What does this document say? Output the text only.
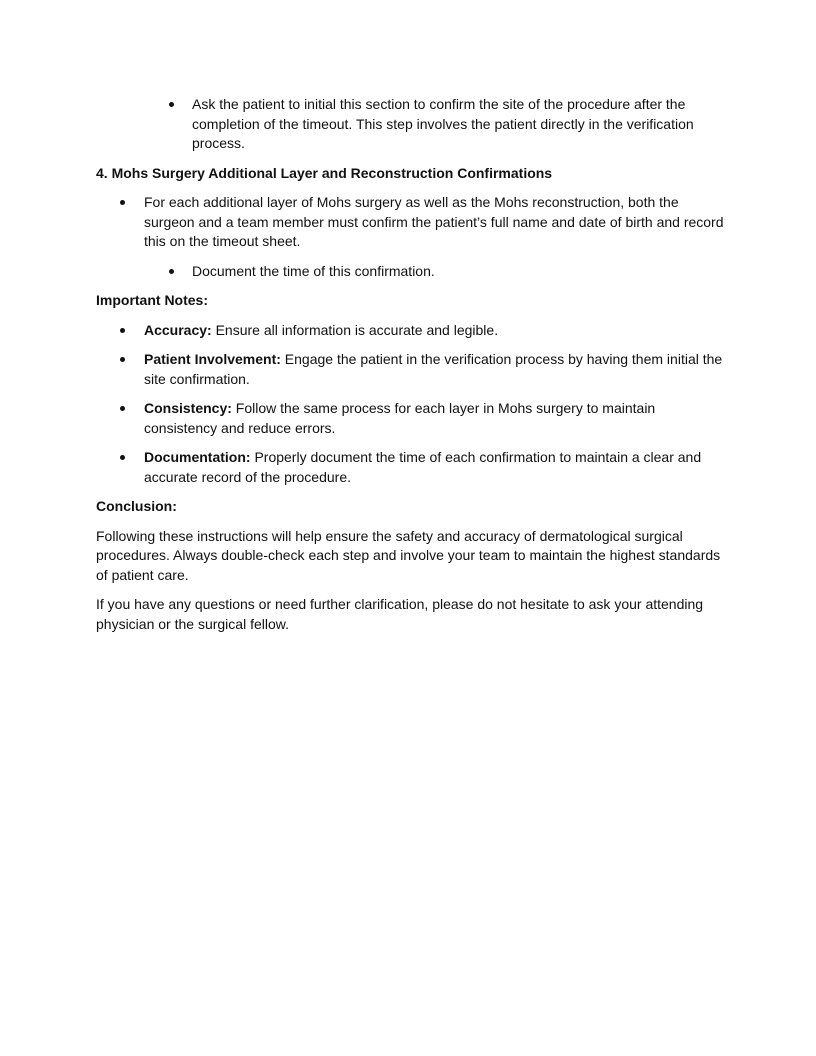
Ask the patient to initial this section to confirm the site of the procedure after the completion of the timeout. This step involves the patient directly in the verification process.
4. Mohs Surgery Additional Layer and Reconstruction Confirmations
For each additional layer of Mohs surgery as well as the Mohs reconstruction, both the surgeon and a team member must confirm the patient’s full name and date of birth and record this on the timeout sheet.
Document the time of this confirmation.
Important Notes:
Accuracy: Ensure all information is accurate and legible.
Patient Involvement: Engage the patient in the verification process by having them initial the site confirmation.
Consistency: Follow the same process for each layer in Mohs surgery to maintain consistency and reduce errors.
Documentation: Properly document the time of each confirmation to maintain a clear and accurate record of the procedure.
Conclusion:

Following these instructions will help ensure the safety and accuracy of dermatological surgical procedures. Always double-check each step and involve your team to maintain the highest standards of patient care.

If you have any questions or need further clarification, please do not hesitate to ask your attending physician or the surgical fellow.
